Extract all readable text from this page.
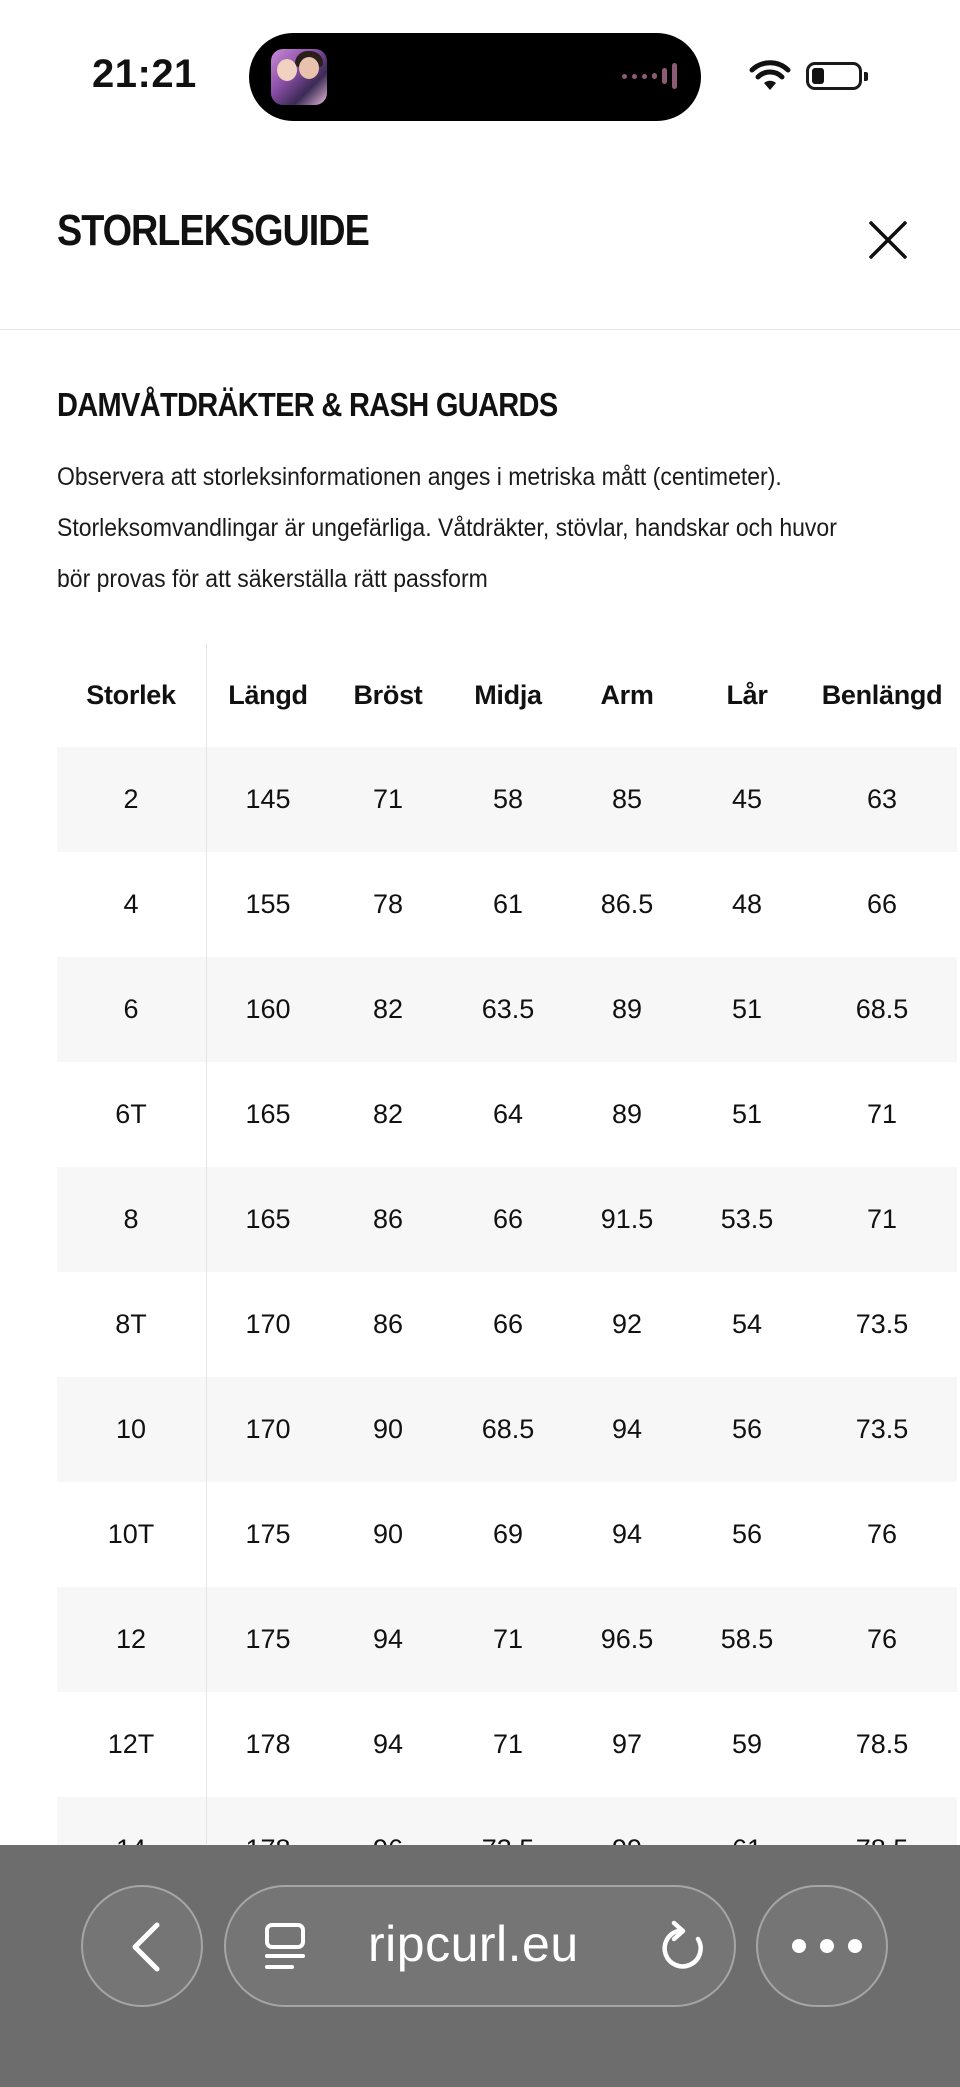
21:21
STORLEKSGUIDE
DAMVÅTDRÄKTER & RASH GUARDS
Observera att storleksinformationen anges i metriska mått (centimeter).
Storleksomvandlingar är ungefärliga. Våtdräkter, stövlar, handskar och huvor
bör provas för att säkerställa rätt passform
12T	178	94	71	97	59	78.5
12	175	94	71	96.5	58.5	76
10T	175	90	69	94	56	76
10	170	90	68.5	94	56	73.5
8T	170	86	66	92	54	73.5
8	165	86	66	91.5	53.5	71
6T	165	82	64	89	51	71
6	160	82	63.5	89	51	68.5
4	155	78	61	86.5	48	66
2	145	71	58	85	45	63
Storlek	Längd	Bröst	Midja	Arm	Lår	Benlängd
ripcurl.eu
